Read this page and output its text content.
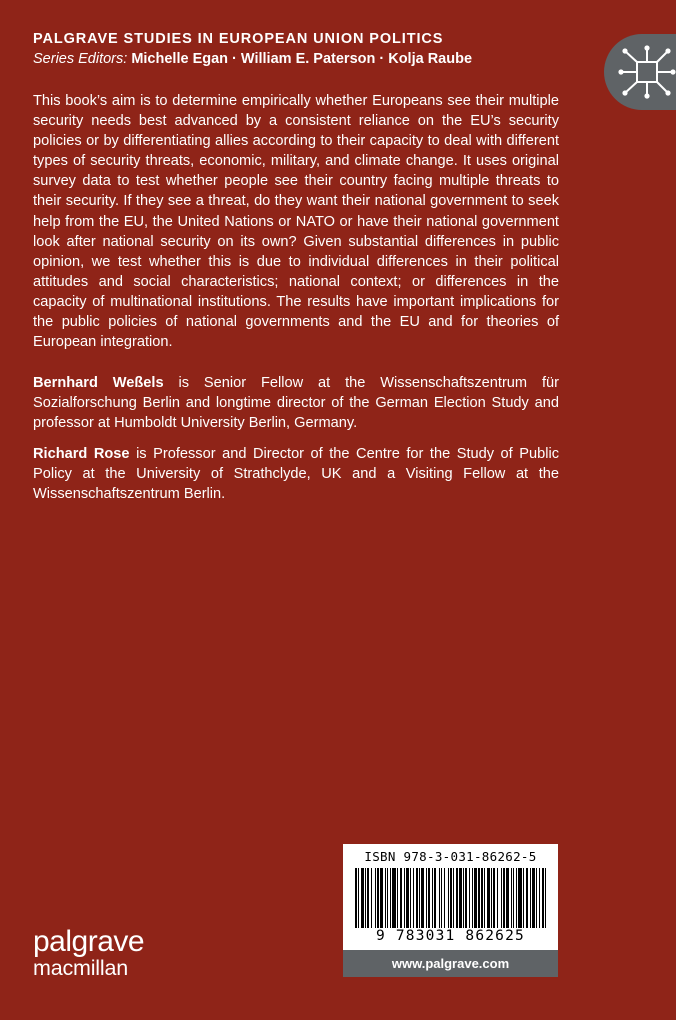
PALGRAVE STUDIES IN EUROPEAN UNION POLITICS
Series Editors: Michelle Egan · William E. Paterson · Kolja Raube

This book’s aim is to determine empirically whether Europeans see their multiple security needs best advanced by a consistent reliance on the EU’s security policies or by differentiating allies according to their capacity to deal with different types of security threats, economic, military, and climate change. It uses original survey data to test whether people see their country facing multiple threats to their security. If they see a threat, do they want their national government to seek help from the EU, the United Nations or NATO or have their national government look after national security on its own? Given substantial differences in public opinion, we test whether this is due to individual differences in their political attitudes and social characteristics; national context; or differences in the capacity of multinational institutions. The results have important implications for the public policies of national governments and the EU and for theories of European integration.

Bernhard Weßels is Senior Fellow at the Wissenschaftszentrum für Sozialforschung Berlin and longtime director of the German Election Study and professor at Humboldt University Berlin, Germany.

Richard Rose is Professor and Director of the Centre for the Study of Public Policy at the University of Strathclyde, UK and a Visiting Fellow at the Wissenschaftszentrum Berlin.

ISBN 978-3-031-86262-5
9 783031 862625
www.palgrave.com
palgrave
macmillan
